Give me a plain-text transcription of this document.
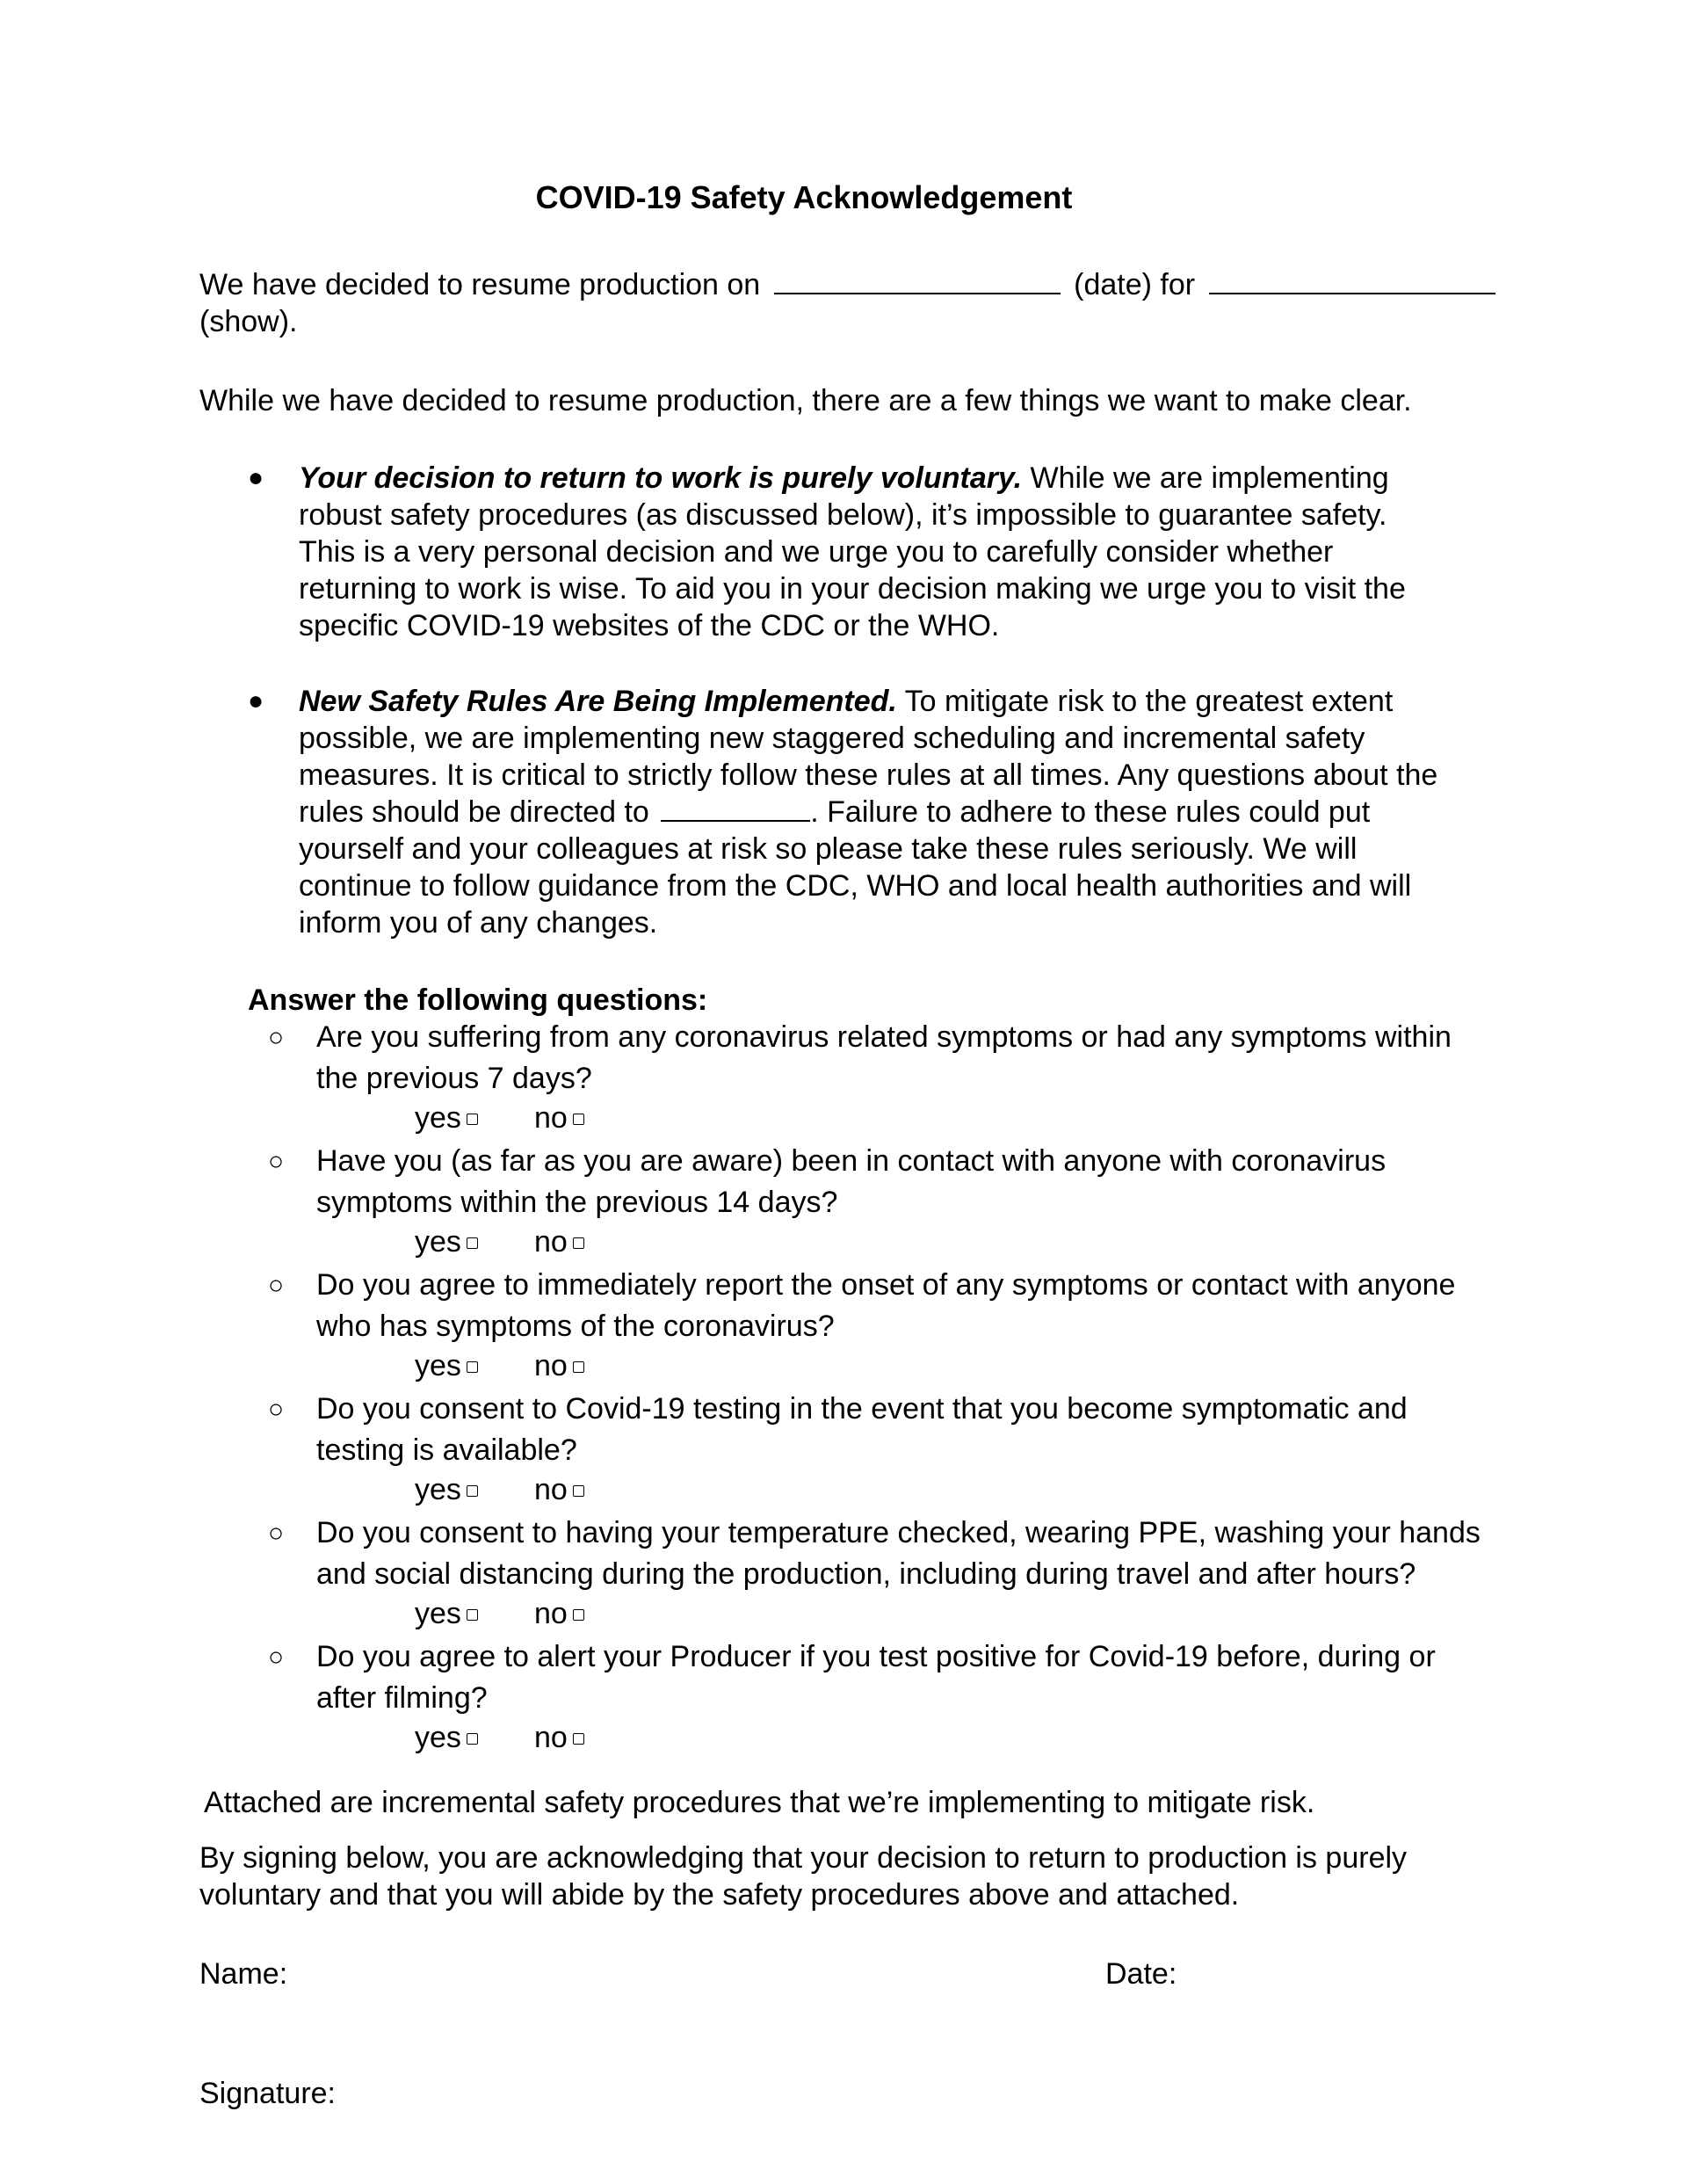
COVID-19 Safety Acknowledgement
We have decided to resume production on	(date) for
(show).
While we have decided to resume production, there are a few things we want to make clear.
● Your decision to return to work is purely voluntary. While we are implementing
robust safety procedures (as discussed below), it’s impossible to guarantee safety.
This is a very personal decision and we urge you to carefully consider whether
returning to work is wise. To aid you in your decision making we urge you to visit the
specific COVID-19 websites of the CDC or the WHO.
● New Safety Rules Are Being Implemented. To mitigate risk to the greatest extent
possible, we are implementing new staggered scheduling and incremental safety
measures. It is critical to strictly follow these rules at all times. Any questions about the
rules should be directed to	. Failure to adhere to these rules could put
yourself and your colleagues at risk so please take these rules seriously. We will
continue to follow guidance from the CDC, WHO and local health authorities and will
inform you of any changes.
Answer the following questions:
○ Are you suffering from any coronavirus related symptoms or had any symptoms within
the previous 7 days?
yes	no
○ Have you (as far as you are aware) been in contact with anyone with coronavirus
symptoms within the previous 14 days?
yes	no
○ Do you agree to immediately report the onset of any symptoms or contact with anyone
who has symptoms of the coronavirus?
yes	no
○ Do you consent to Covid-19 testing in the event that you become symptomatic and
testing is available?
yes	no
○ Do you consent to having your temperature checked, wearing PPE, washing your hands
and social distancing during the production, including during travel and after hours?
yes	no
○ Do you agree to alert your Producer if you test positive for Covid-19 before, during or
after filming?
yes	no
Attached are incremental safety procedures that we’re implementing to mitigate risk.
By signing below, you are acknowledging that your decision to return to production is purely
voluntary and that you will abide by the safety procedures above and attached.
Name:	Date:
Signature:
